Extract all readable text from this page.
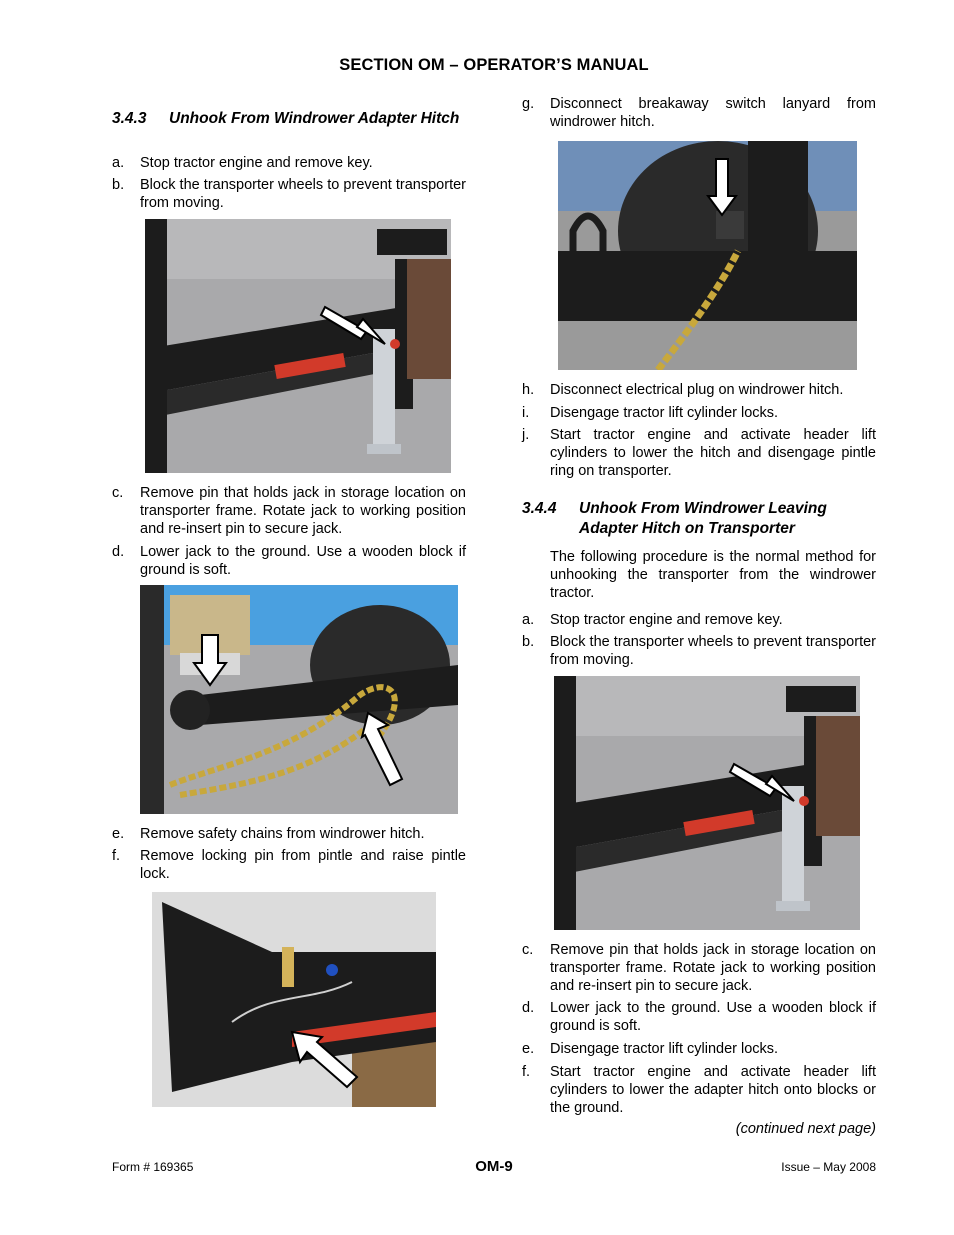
SECTION OM – OPERATOR’S MANUAL
3.4.3 Unhook From Windrower Adapter Hitch
a. Stop tractor engine and remove key.
b. Block the transporter wheels to prevent transporter from moving.
c. Remove pin that holds jack in storage location on transporter frame. Rotate jack to working position and re-insert pin to secure jack.
d. Lower jack to the ground. Use a wooden block if ground is soft.
e. Remove safety chains from windrower hitch.
f. Remove locking pin from pintle and raise pintle lock.
g. Disconnect breakaway switch lanyard from windrower hitch.
h. Disconnect electrical plug on windrower hitch.
i. Disengage tractor lift cylinder locks.
j. Start tractor engine and activate header lift cylinders to lower the hitch and disengage pintle ring on transporter.
3.4.4 Unhook From Windrower Leaving Adapter Hitch on Transporter
The following procedure is the normal method for unhooking the transporter from the windrower tractor.
a. Stop tractor engine and remove key.
b. Block the transporter wheels to prevent transporter from moving.
c. Remove pin that holds jack in storage location on transporter frame. Rotate jack to working position and re-insert pin to secure jack.
d. Lower jack to the ground. Use a wooden block if ground is soft.
e. Disengage tractor lift cylinder locks.
f. Start tractor engine and activate header lift cylinders to lower the adapter hitch onto blocks or the ground.
(continued next page)
Form # 169365	OM-9	Issue – May 2008
